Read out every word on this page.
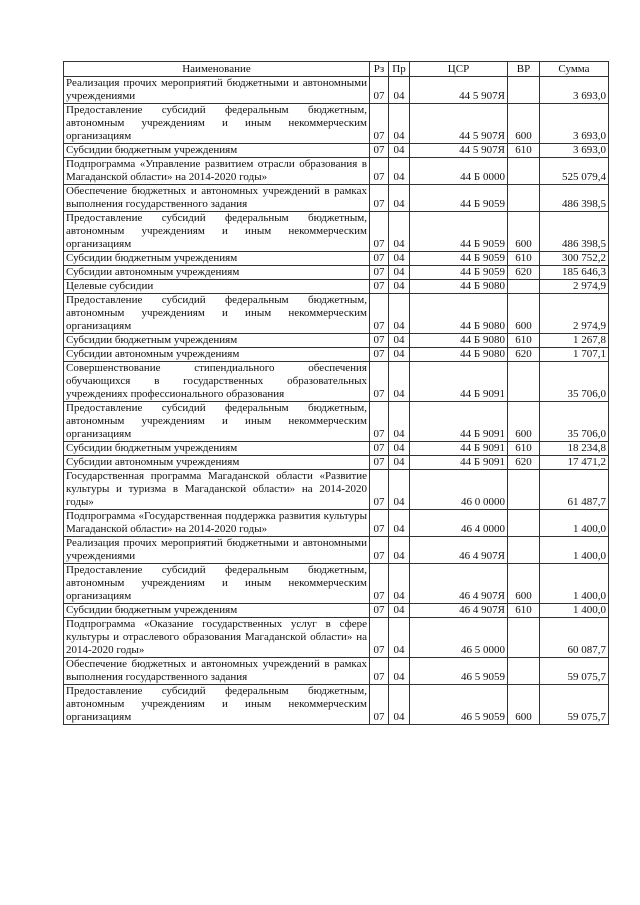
Наименование	Рз	Пр	ЦСР	ВР	Сумма
Реализация прочих мероприятий бюджетными и автономными учреждениями	07	04	44 5 907Я		3 693,0
Предоставление субсидий федеральным бюджетным, автономным учреждениям и иным некоммерческим организациям	07	04	44 5 907Я	600	3 693,0
Субсидии бюджетным учреждениям	07	04	44 5 907Я	610	3 693,0
Подпрограмма «Управление развитием отрасли образования в Магаданской области» на 2014-2020 годы»	07	04	44 Б 0000		525 079,4
Обеспечение бюджетных и автономных учреждений в рамках выполнения государственного задания	07	04	44 Б 9059		486 398,5
Предоставление субсидий федеральным бюджетным, автономным учреждениям и иным некоммерческим организациям	07	04	44 Б 9059	600	486 398,5
Субсидии бюджетным учреждениям	07	04	44 Б 9059	610	300 752,2
Субсидии автономным учреждениям	07	04	44 Б 9059	620	185 646,3
Целевые субсидии	07	04	44 Б 9080		2 974,9
Предоставление субсидий федеральным бюджетным, автономным учреждениям и иным некоммерческим организациям	07	04	44 Б 9080	600	2 974,9
Субсидии бюджетным учреждениям	07	04	44 Б 9080	610	1 267,8
Субсидии автономным учреждениям	07	04	44 Б 9080	620	1 707,1
Совершенствование стипендиального обеспечения обучающихся в государственных образовательных учреждениях профессионального образования	07	04	44 Б 9091		35 706,0
Предоставление субсидий федеральным бюджетным, автономным учреждениям и иным некоммерческим организациям	07	04	44 Б 9091	600	35 706,0
Субсидии бюджетным учреждениям	07	04	44 Б 9091	610	18 234,8
Субсидии автономным учреждениям	07	04	44 Б 9091	620	17 471,2
Государственная программа Магаданской области «Развитие культуры и туризма в Магаданской области» на 2014-2020 годы»	07	04	46 0 0000		61 487,7
Подпрограмма «Государственная поддержка развития культуры Магаданской области» на 2014-2020 годы»	07	04	46 4 0000		1 400,0
Реализация прочих мероприятий бюджетными и автономными учреждениями	07	04	46 4 907Я		1 400,0
Предоставление субсидий федеральным бюджетным, автономным учреждениям и иным некоммерческим организациям	07	04	46 4 907Я	600	1 400,0
Субсидии бюджетным учреждениям	07	04	46 4 907Я	610	1 400,0
Подпрограмма «Оказание государственных услуг в сфере культуры и отраслевого образования Магаданской области» на 2014-2020 годы»	07	04	46 5 0000		60 087,7
Обеспечение бюджетных и автономных учреждений в рамках выполнения государственного задания	07	04	46 5 9059		59 075,7
Предоставление субсидий федеральным бюджетным, автономным учреждениям и иным некоммерческим организациям	07	04	46 5 9059	600	59 075,7
